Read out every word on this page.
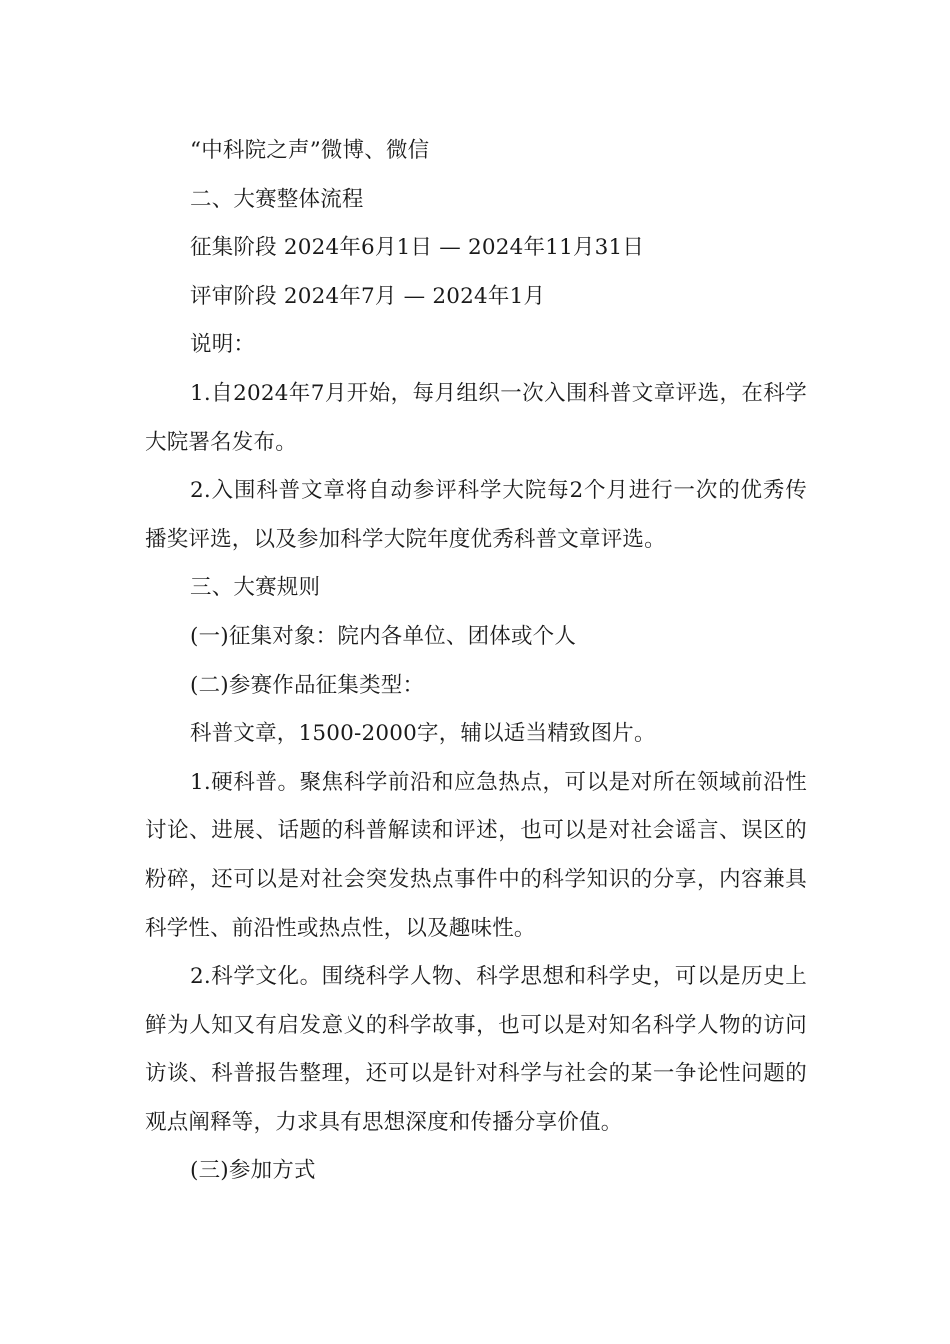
“中科院之声”微博、微信

二、大赛整体流程

征集阶段 2024年6月1日 — 2024年11月31日

评审阶段 2024年7月 — 2024年1月

说明：

1.自2024年7月开始，每月组织一次入围科普文章评选，在科学大院署名发布。

2.入围科普文章将自动参评科学大院每2个月进行一次的优秀传播奖评选，以及参加科学大院年度优秀科普文章评选。

三、大赛规则

(一)征集对象：院内各单位、团体或个人

(二)参赛作品征集类型：

科普文章，1500-2000字，辅以适当精致图片。

1.硬科普。聚焦科学前沿和应急热点，可以是对所在领域前沿性讨论、进展、话题的科普解读和评述，也可以是对社会谣言、误区的粉碎，还可以是对社会突发热点事件中的科学知识的分享，内容兼具科学性、前沿性或热点性，以及趣味性。

2.科学文化。围绕科学人物、科学思想和科学史，可以是历史上鲜为人知又有启发意义的科学故事，也可以是对知名科学人物的访问访谈、科普报告整理，还可以是针对科学与社会的某一争论性问题的观点阐释等，力求具有思想深度和传播分享价值。

(三)参加方式
